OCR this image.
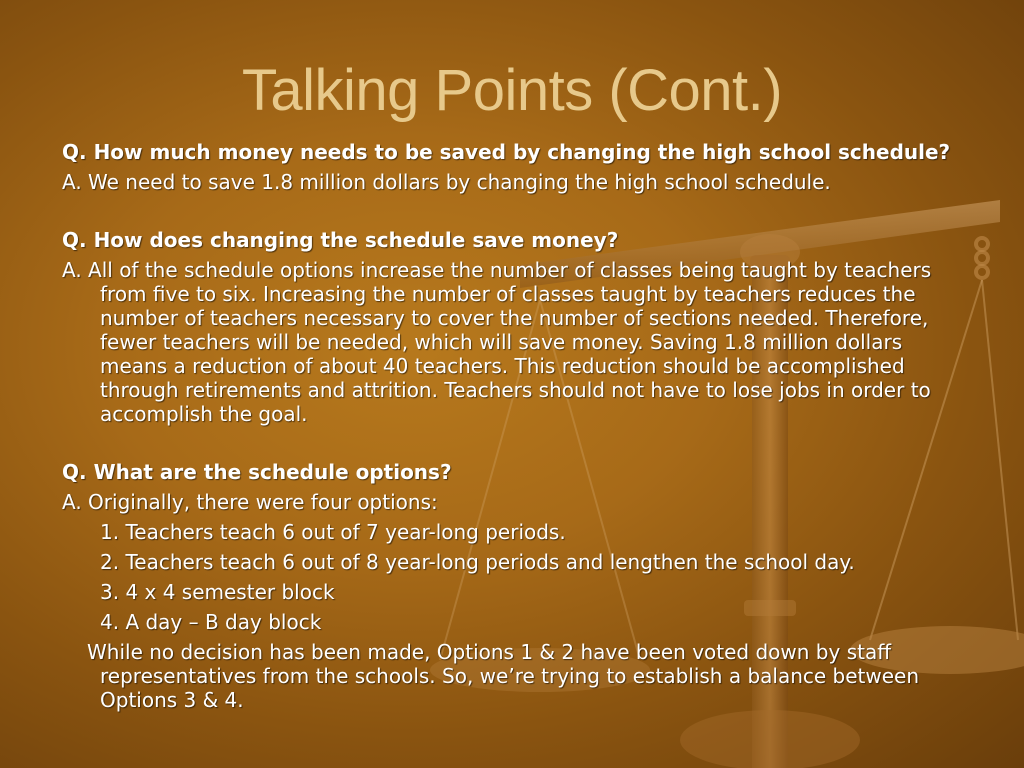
Talking Points (Cont.)
Q. How much money needs to be saved by changing the high school schedule?
A. We need to save 1.8 million dollars by changing the high school schedule.
Q. How does changing the schedule save money?
A. All of the schedule options increase the number of classes being taught by teachers from five to six. Increasing the number of classes taught by teachers reduces the number of teachers necessary to cover the number of sections needed. Therefore, fewer teachers will be needed, which will save money. Saving 1.8 million dollars means a reduction of about 40 teachers. This reduction should be accomplished through retirements and attrition. Teachers should not have to lose jobs in order to accomplish the goal.
Q. What are the schedule options?
A. Originally, there were four options:
1. Teachers teach 6 out of 7 year-long periods.
2. Teachers teach 6 out of 8 year-long periods and lengthen the school day.
3. 4 x 4 semester block
4. A day – B day block
While no decision has been made, Options 1 & 2 have been voted down by staff representatives from the schools. So, we’re trying to establish a balance between Options 3 & 4.
